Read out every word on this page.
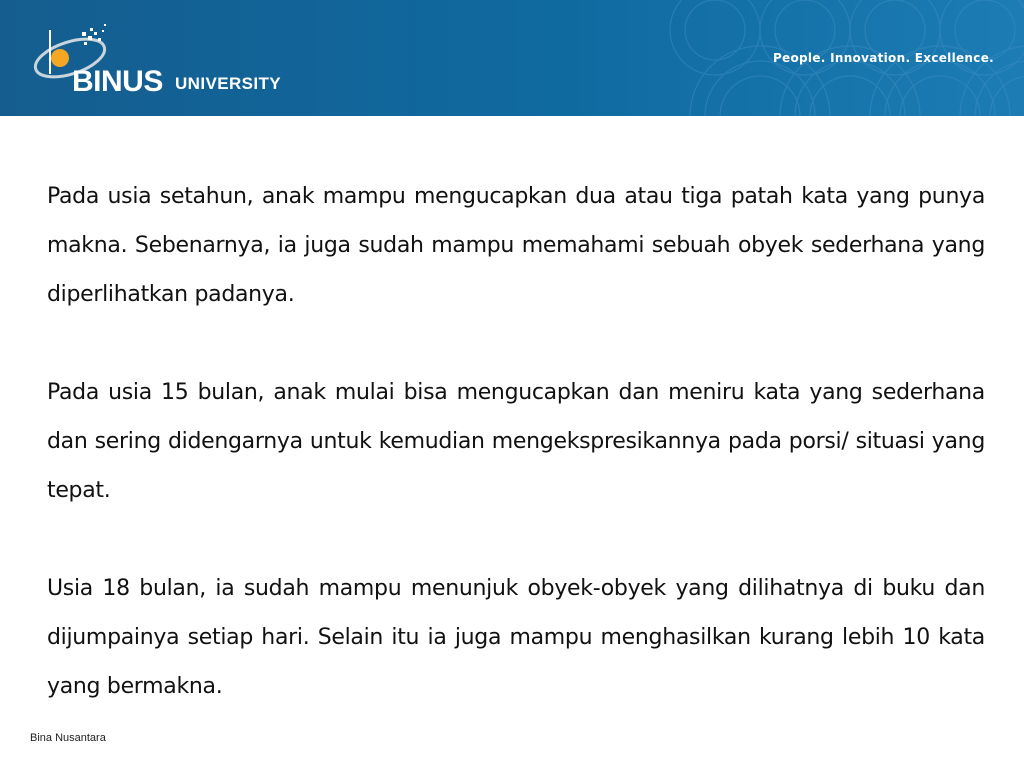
BINUS UNIVERSITY
People. Innovation. Excellence.

Pada usia setahun, anak mampu mengucapkan dua atau tiga patah kata yang punya makna. Sebenarnya, ia juga sudah mampu memahami sebuah obyek sederhana yang diperlihatkan padanya.

Pada usia 15 bulan, anak mulai bisa mengucapkan dan meniru kata yang sederhana dan sering didengarnya untuk kemudian mengekspresikannya pada porsi/ situasi yang tepat.

Usia 18 bulan, ia sudah mampu menunjuk obyek-obyek yang dilihatnya di buku dan dijumpainya setiap hari. Selain itu ia juga mampu menghasilkan kurang lebih 10 kata yang bermakna.

Bina Nusantara
